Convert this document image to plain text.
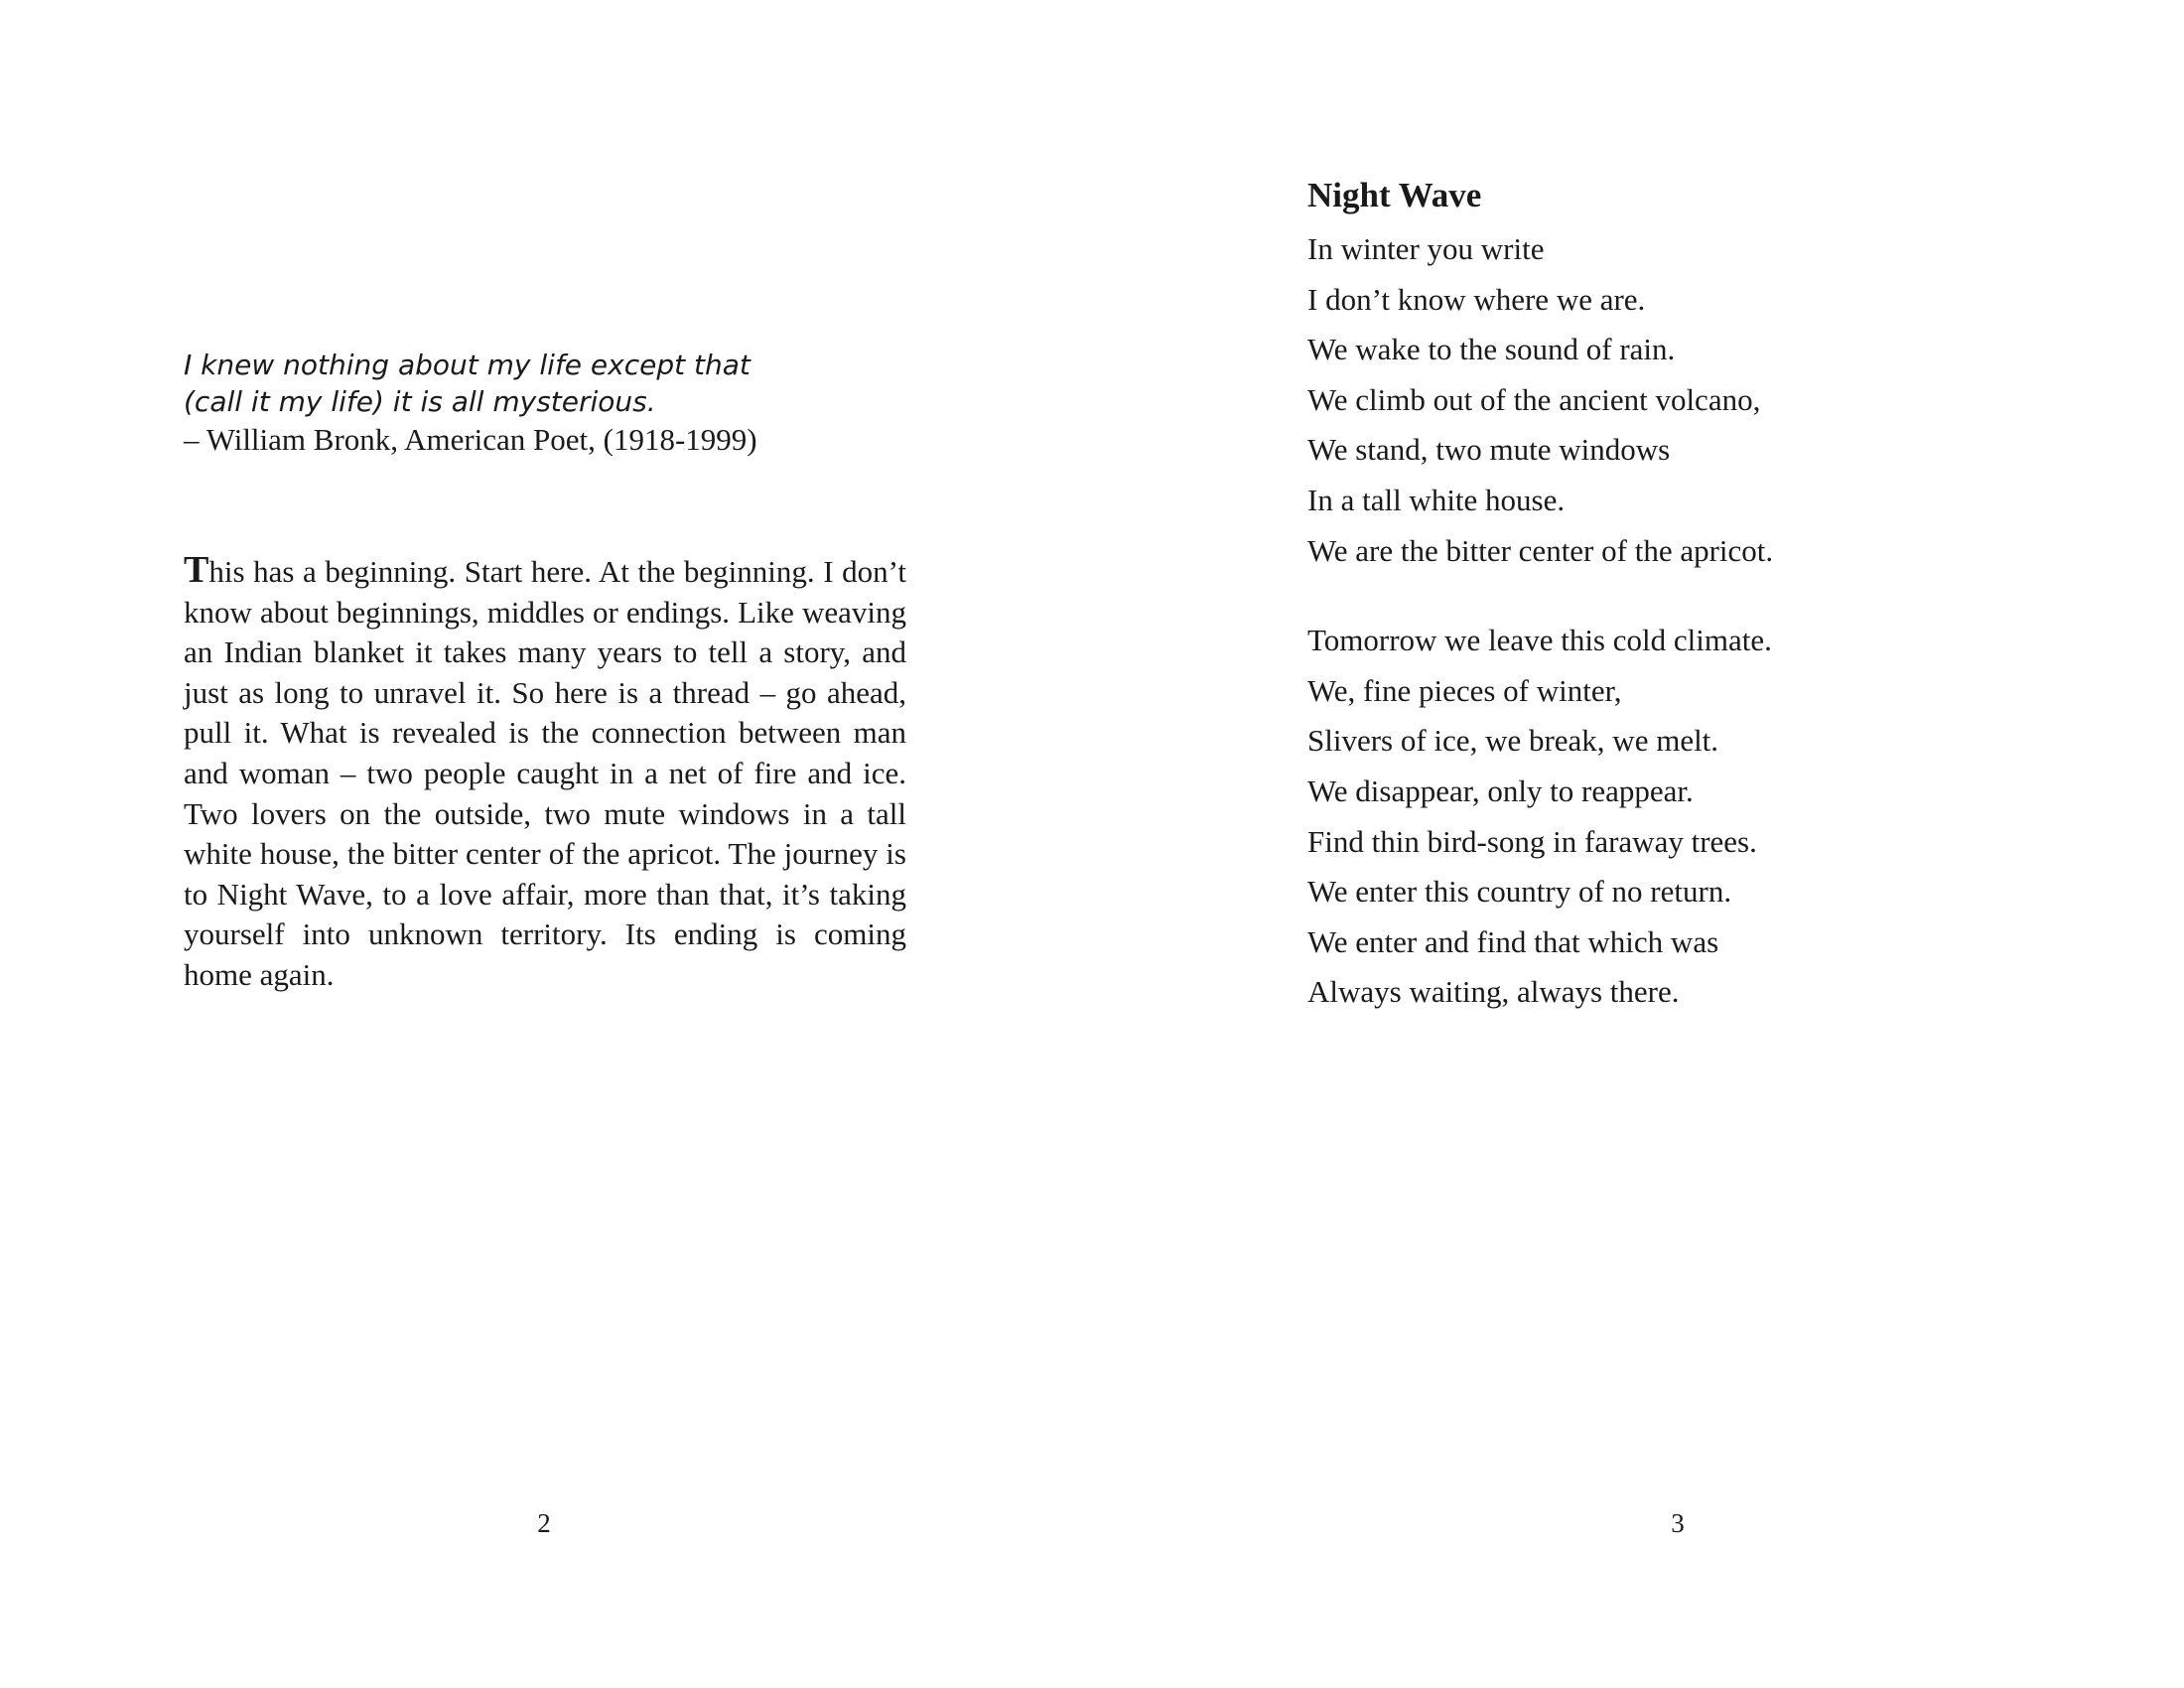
I knew nothing about my life except that
(call it my life) it is all mysterious.
– William Bronk, American Poet, (1918-1999)

This has a beginning. Start here. At the beginning. I don’t know about beginnings, middles or endings. Like weaving an Indian blanket it takes many years to tell a story, and just as long to unravel it. So here is a thread – go ahead, pull it. What is revealed is the connection between man and woman – two people caught in a net of fire and ice. Two lovers on the outside, two mute windows in a tall white house, the bitter center of the apricot. The journey is to Night Wave, to a love affair, more than that, it’s taking yourself into unknown territory. Its ending is coming home again.

2
Night Wave
In winter you write
I don’t know where we are.
We wake to the sound of rain.
We climb out of the ancient volcano,
We stand, two mute windows
In a tall white house.
We are the bitter center of the apricot.
Tomorrow we leave this cold climate.
We, fine pieces of winter,
Slivers of ice, we break, we melt.
We disappear, only to reappear.
Find thin bird-song in faraway trees.
We enter this country of no return.
We enter and find that which was
Always waiting, always there.
3
